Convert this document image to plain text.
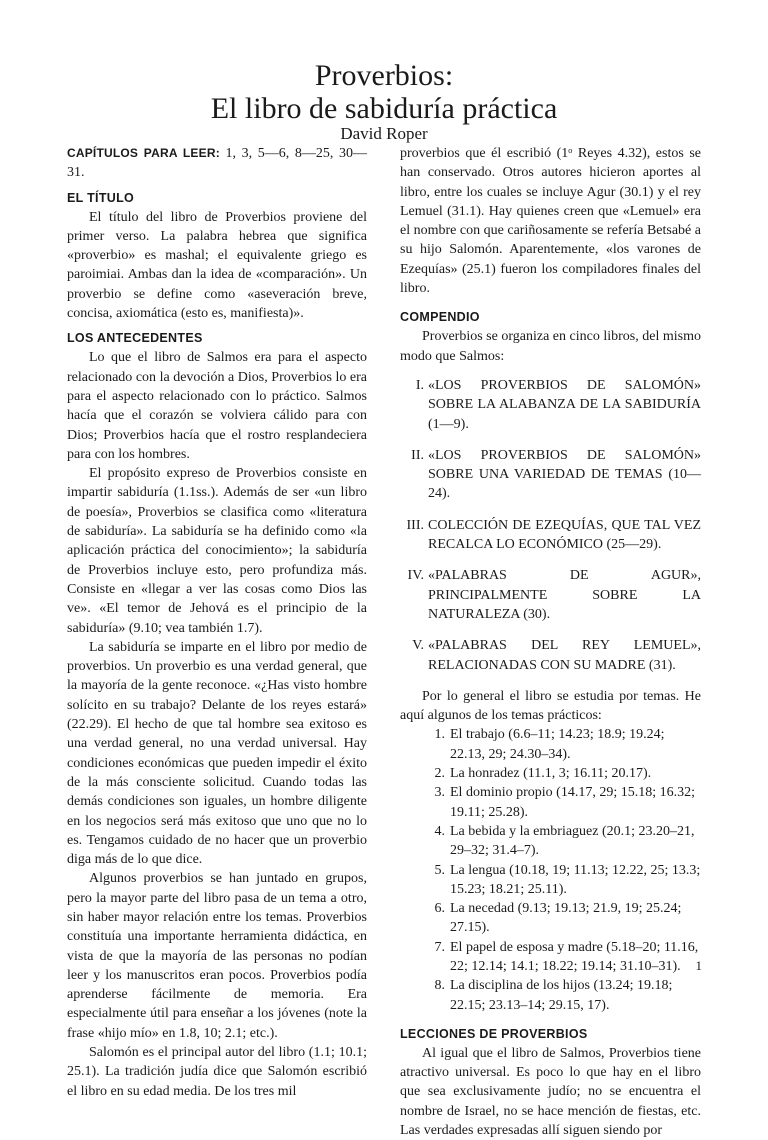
Proverbios:
El libro de sabiduría práctica
David Roper

CAPÍTULOS PARA LEER: 1, 3, 5—6, 8—25, 30—31.

EL TÍTULO

El título del libro de Proverbios proviene del primer verso. La palabra hebrea que significa «proverbio» es mashal; el equivalente griego es paroimiai. Ambas dan la idea de «comparación». Un proverbio se define como «aseveración breve, concisa, axiomática (esto es, manifiesta)».

LOS ANTECEDENTES

Lo que el libro de Salmos era para el aspecto relacionado con la devoción a Dios, Proverbios lo era para el aspecto relacionado con lo práctico. Salmos hacía que el corazón se volviera cálido para con Dios; Proverbios hacía que el rostro resplandeciera para con los hombres.

El propósito expreso de Proverbios consiste en impartir sabiduría (1.1ss.). Además de ser «un libro de poesía», Proverbios se clasifica como «literatura de sabiduría». La sabiduría se ha definido como «la aplicación práctica del conocimiento»; la sabiduría de Proverbios incluye esto, pero profundiza más. Consiste en «llegar a ver las cosas como Dios las ve». «El temor de Jehová es el principio de la sabiduría» (9.10; vea también 1.7).

La sabiduría se imparte en el libro por medio de proverbios. Un proverbio es una verdad general, que la mayoría de la gente reconoce. «¿Has visto hombre solícito en su trabajo? Delante de los reyes estará» (22.29). El hecho de que tal hombre sea exitoso es una verdad general, no una verdad universal. Hay condiciones económicas que pueden impedir el éxito de la más consciente solicitud. Cuando todas las demás condiciones son iguales, un hombre diligente en los negocios será más exitoso que uno que no lo es. Tengamos cuidado de no hacer que un proverbio diga más de lo que dice.

Algunos proverbios se han juntado en grupos, pero la mayor parte del libro pasa de un tema a otro, sin haber mayor relación entre los temas. Proverbios constituía una importante herramienta didáctica, en vista de que la mayoría de las personas no podían leer y los manuscritos eran pocos. Proverbios podía aprenderse fácilmente de memoria. Era especialmente útil para enseñar a los jóvenes (note la frase «hijo mío» en 1.8, 10; 2.1; etc.).

Salomón es el principal autor del libro (1.1; 10.1; 25.1). La tradición judía dice que Salomón escribió el libro en su edad media. De los tres mil

proverbios que él escribió (1ᵒ Reyes 4.32), estos se han conservado. Otros autores hicieron aportes al libro, entre los cuales se incluye Agur (30.1) y el rey Lemuel (31.1). Hay quienes creen que «Lemuel» era el nombre con que cariñosamente se refería Betsabé a su hijo Salomón. Aparentemente, «los varones de Ezequías» (25.1) fueron los compiladores finales del libro.

COMPENDIO

Proverbios se organiza en cinco libros, del mismo modo que Salmos:

I. «LOS PROVERBIOS DE SALOMÓN» SOBRE LA ALABANZA DE LA SABIDURÍA (1—9).
II. «LOS PROVERBIOS DE SALOMÓN» SOBRE UNA VARIEDAD DE TEMAS (10—24).
III. COLECCIÓN DE EZEQUÍAS, QUE TAL VEZ RECALCA LO ECONÓMICO (25—29).
IV. «PALABRAS DE AGUR», PRINCIPALMENTE SOBRE LA NATURALEZA (30).
V. «PALABRAS DEL REY LEMUEL», RELACIONADAS CON SU MADRE (31).

Por lo general el libro se estudia por temas. He aquí algunos de los temas prácticos:

1. El trabajo (6.6–11; 14.23; 18.9; 19.24; 22.13, 29; 24.30–34).
2. La honradez (11.1, 3; 16.11; 20.17).
3. El dominio propio (14.17, 29; 15.18; 16.32; 19.11; 25.28).
4. La bebida y la embriaguez (20.1; 23.20–21, 29–32; 31.4–7).
5. La lengua (10.18, 19; 11.13; 12.22, 25; 13.3; 15.23; 18.21; 25.11).
6. La necedad (9.13; 19.13; 21.9, 19; 25.24; 27.15).
7. El papel de esposa y madre (5.18–20; 11.16, 22; 12.14; 14.1; 18.22; 19.14; 31.10–31).
8. La disciplina de los hijos (13.24; 19.18; 22.15; 23.13–14; 29.15, 17).
LECCIONES DE PROVERBIOS

Al igual que el libro de Salmos, Proverbios tiene atractivo universal. Es poco lo que hay en el libro que sea exclusivamente judío; no se encuentra el nombre de Israel, no se hace mención de fiestas, etc. Las verdades expresadas allí siguen siendo por

1
